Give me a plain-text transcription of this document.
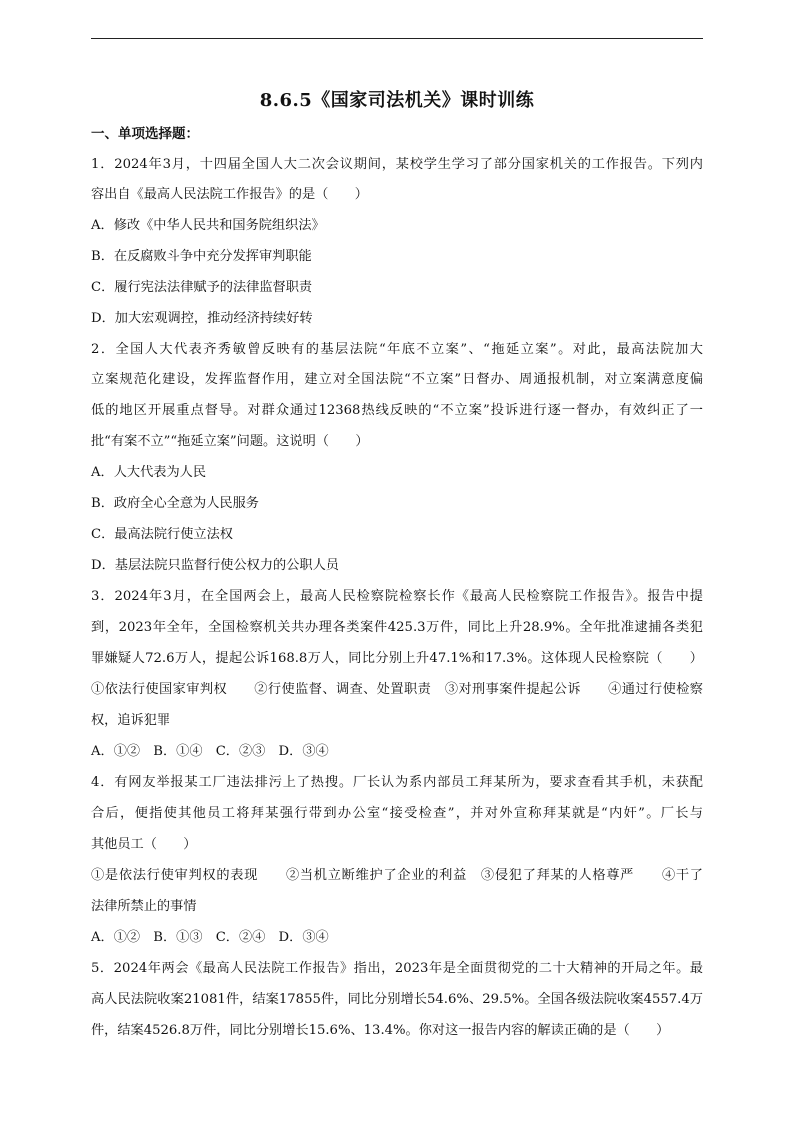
8.6.5《国家司法机关》课时训练
一、单项选择题：
1．2024年3月，十四届全国人大二次会议期间，某校学生学习了部分国家机关的工作报告。下列内
容出自《最高人民法院工作报告》的是（　　）
A．修改《中华人民共和国务院组织法》
B．在反腐败斗争中充分发挥审判职能
C．履行宪法法律赋予的法律监督职责
D．加大宏观调控，推动经济持续好转
2．全国人大代表齐秀敏曾反映有的基层法院“年底不立案”、“拖延立案”。对此，最高法院加大
立案规范化建设，发挥监督作用，建立对全国法院“不立案”日督办、周通报机制，对立案满意度偏
低的地区开展重点督导。对群众通过12368热线反映的“不立案”投诉进行逐一督办，有效纠正了一
批“有案不立”“拖延立案”问题。这说明（　　）
A．人大代表为人民
B．政府全心全意为人民服务
C．最高法院行使立法权
D．基层法院只监督行使公权力的公职人员
3．2024年3月，在全国两会上，最高人民检察院检察长作《最高人民检察院工作报告》。报告中提
到，2023年全年，全国检察机关共办理各类案件425.3万件，同比上升28.9%。全年批准逮捕各类犯
罪嫌疑人72.6万人，提起公诉168.8万人，同比分别上升47.1%和17.3%。这体现人民检察院（　　）
①依法行使国家审判权　　②行使监督、调查、处置职责　③对刑事案件提起公诉　　④通过行使检察
权，追诉犯罪
A．①②　B．①④　C．②③　D．③④
4．有网友举报某工厂违法排污上了热搜。厂长认为系内部员工拜某所为，要求查看其手机，未获配
合后，便指使其他员工将拜某强行带到办公室“接受检查”，并对外宣称拜某就是“内奸”。厂长与
其他员工（　　）
①是依法行使审判权的表现　　②当机立断维护了企业的利益　③侵犯了拜某的人格尊严　　④干了
法律所禁止的事情
A．①②　B．①③　C．②④　D．③④
5．2024年两会《最高人民法院工作报告》指出，2023年是全面贯彻党的二十大精神的开局之年。最
高人民法院收案21081件，结案17855件，同比分别增长54.6%、29.5%。全国各级法院收案4557.4万
件，结案4526.8万件，同比分别增长15.6%、13.4%。你对这一报告内容的解读正确的是（　　）
